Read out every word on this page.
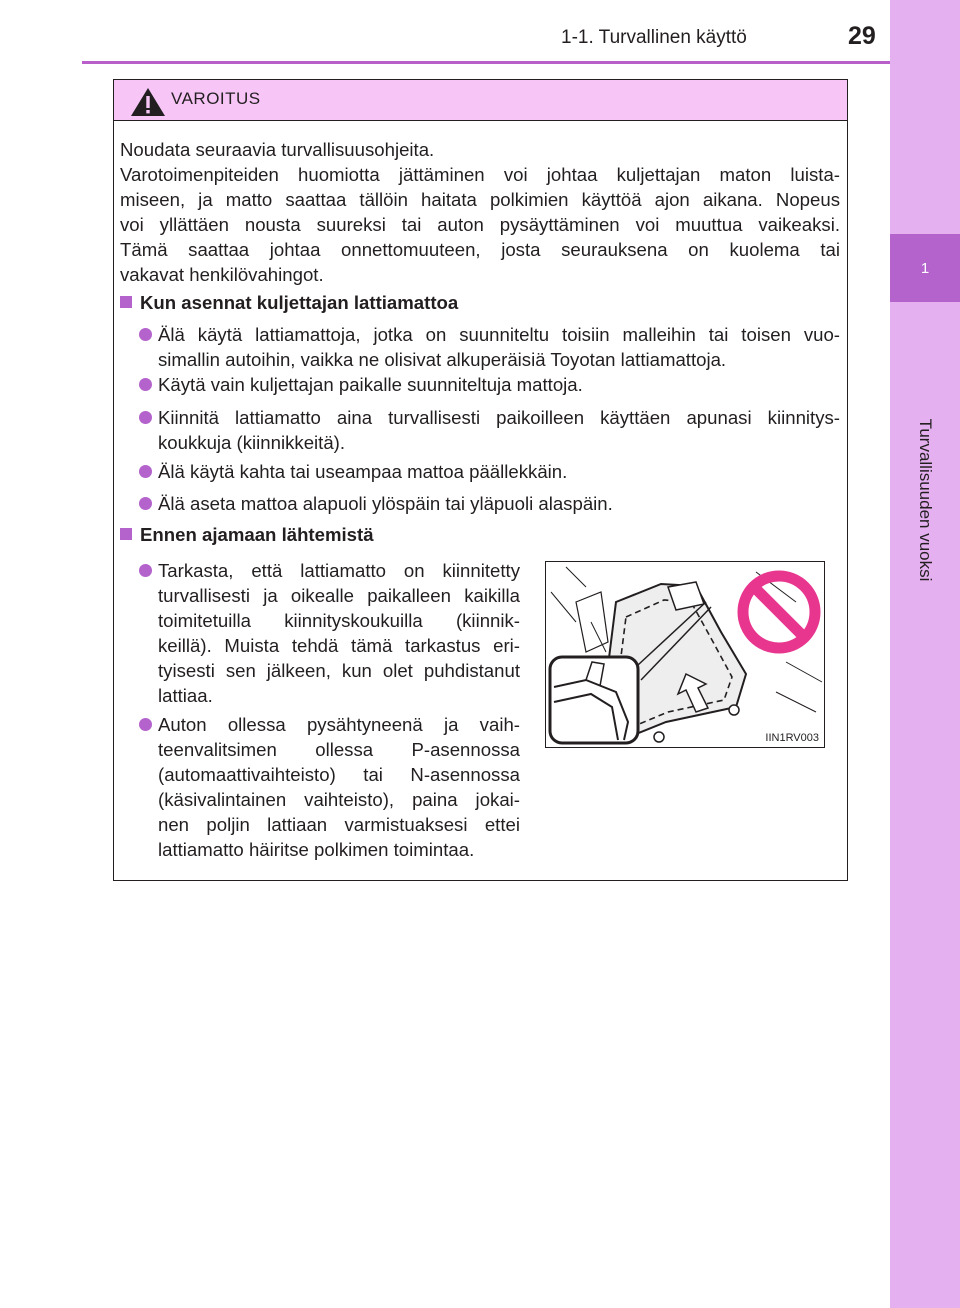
1-1. Turvallinen käyttö	29
1
Turvallisuuden vuoksi
VAROITUS
Noudata seuraavia turvallisuusohjeita.
Varotoimenpiteiden huomiotta jättäminen voi johtaa kuljettajan maton luista-
miseen, ja matto saattaa tällöin haitata polkimien käyttöä ajon aikana. Nopeus
voi yllättäen nousta suureksi tai auton pysäyttäminen voi muuttua vaikeaksi.
Tämä saattaa johtaa onnettomuuteen, josta seurauksena on kuolema tai
vakavat henkilövahingot.
Kun asennat kuljettajan lattiamattoa
Älä käytä lattiamattoja, jotka on suunniteltu toisiin malleihin tai toisen vuo-
simallin autoihin, vaikka ne olisivat alkuperäisiä Toyotan lattiamattoja.
Käytä vain kuljettajan paikalle suunniteltuja mattoja.
Kiinnitä lattiamatto aina turvallisesti paikoilleen käyttäen apunasi kiinnitys-
koukkuja (kiinnikkeitä).
Älä käytä kahta tai useampaa mattoa päällekkäin.
Älä aseta mattoa alapuoli ylöspäin tai yläpuoli alaspäin.
Ennen ajamaan lähtemistä
Tarkasta, että lattiamatto on kiinnitetty
turvallisesti ja oikealle paikalleen kaikilla
toimitetuilla kiinnityskoukuilla (kiinnik-
keillä). Muista tehdä tämä tarkastus eri-
tyisesti sen jälkeen, kun olet puhdistanut
lattiaa.
Auton ollessa pysähtyneenä ja vaih-
teenvalitsimen ollessa P-asennossa
(automaattivaihteisto) tai N-asennossa
(käsivalintainen vaihteisto), paina jokai-
nen poljin lattiaan varmistuaksesi ettei
lattiamatto häiritse polkimen toimintaa.
IIN1RV003
